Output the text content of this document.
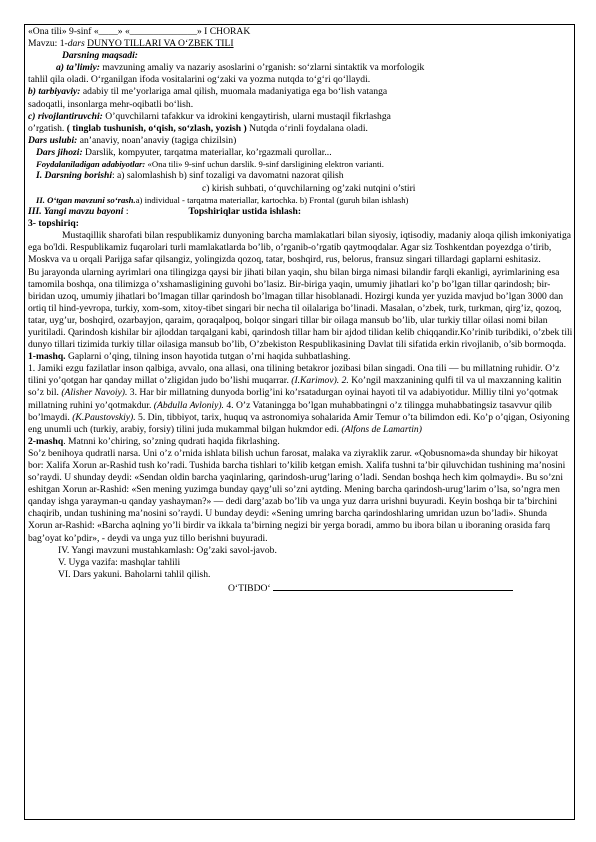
«Ona tili» 9-sinf «____» «______________» I CHORAK
Mavzu: 1-dars DUNYO TILLARI VA O‘ZBEK TILI
Darsning maqsadi:
a) ta’limiy: mavzuning amaliy va nazariy asoslarini o’rganish: so‘zlarni sintaktik va morfologik
tahlil qila oladi. O‘rganilgan ifoda vositalarini og‘zaki va yozma nutqda to‘g‘ri qo‘llaydi.
b) tarbiyaviy: adabiy til me’yorlariga amal qilish, muomala madaniyatiga ega bo‘lish vatanga
sadoqatli, insonlarga mehr-oqibatli bo‘lish.
c) rivojlantiruvchi: O’quvchilarni tafakkur va idrokini kengaytirish, ularni mustaqil fikrlashga
o’rgatish. ( tinglab tushunish, o‘qish, so‘zlash, yozish ) Nutqda o‘rinli foydalana oladi.
Dars uslubi: an’anaviy, noan’anaviy (tagiga chizilsin)
Dars jihozi: Darslik, kompyuter, tarqatma materiallar, ko’rgazmali qurollar...
Foydalaniladigan adabiyotlar: «Ona tili» 9-sinf uchun darslik. 9-sinf darsligining elektron varianti.
I. Darsning borishi: a) salomlashish b) sinf tozaligi va davomatni nazorat qilish
c) kirish suhbati, o‘quvchilarning og’zaki nutqini o’stiri
II. O‘tgan mavzuni so‘rash.a) individual - tarqatma materiallar, kartochka. b) Frontal (guruh bilan ishlash)
III. Yangi mavzu bayoni :	Topshiriqlar ustida ishlash:
3- topshiriq:
Mustaqillik sharofati bilan respublikamiz dunyoning barcha mamlakatlari bilan siyosiy, iqtisodiy, madaniy aloqa qilish imkoniyatiga ega bo'ldi. Respublikamiz fuqarolari turli mamlakatlarda bo’lib, o’rganib-o’rgatib qaytmoqdalar. Agar siz Toshkentdan poyezdga o’tirib, Moskva va u orqali Parijga safar qilsangiz, yolingizda qozoq, tatar, boshqird, rus, belorus, fransuz singari tillardagi gaplarni eshitasiz.
Bu jarayonda ularning ayrimlari ona tilingizga qaysi bir jihati bilan yaqin, shu bilan birga nimasi bilandir farqli ekanligi, ayrimlarining esa tamomila boshqa, ona tilimizga o’xshamasligining guvohi bo’lasiz. Bir-biriga yaqin, umumiy jihatlari ko’p bo’lgan tillar qarindosh; bir-biridan uzoq, umumiy jihatlari bo’lmagan tillar qarindosh bo’lmagan tillar hisoblanadi. Hozirgi kunda yer yuzida mavjud bo’lgan 3000 dan ortiq til hind-yevropa, turkiy, xom-som, xitoy-tibet singari bir necha til oilalariga bo’linadi. Masalan, o’zbek, turk, turkman, qirg’iz, qozoq, tatar, uyg’ur, boshqird, ozarbayjon, qaraim, qoraqalpoq, bolqor singari tillar bir oilaga mansub bo’lib, ular turkiy tillar oilasi nomi bilan yuritiladi. Qarindosh kishilar bir ajloddan tarqalgani kabi, qarindosh tillar ham bir ajdod tilidan kelib chiqqandir.Ko’rinib turibdiki, o’zbek tili dunyo tillari tizimida turkiy tillar oilasiga mansub bo’lib, O’zbekiston Respublikasining Davlat tili sifatida erkin rivojlanib, o’sib bormoqda.
1-mashq. Gaplarni o’qing, tilning inson hayotida tutgan o’rni haqida suhbatlashing.
1. Jamiki ezgu fazilatlar inson qalbiga, avvalo, ona allasi, ona tilining betakror jozibasi bilan singadi. Ona tili — bu millatning ruhidir. O’z tilini yo’qotgan har qanday millat o’zligidan judo bo’lishi muqarrar. (I.Karimov). 2. Ko’ngil maxzanining qulfi til va ul maxzanning kalitin so’z bil. (Alisher Navoiy). 3. Har bir millatning dunyoda borlig’ini ko’rsatadurgan oyinai hayoti til va adabiyotidur. Milliy tilni yo’qotmak millatning ruhini yo’qotmakdur. (Abdulla Avloniy). 4. O’z Vataningga bo’lgan muhabbatingni o’z tilingga muhabbatingsiz tasavvur qilib bo’lmaydi. (K.Paustovskiy). 5. Din, tibbiyot, tarix, huquq va astronomiya sohalarida Amir Temur o’ta bilimdon edi. Ko’p o’qigan, Osiyoning eng unumli uch (turkiy, arabiy, forsiy) tilini juda mukammal bilgan hukmdor edi. (Alfons de Lamartin)
2-mashq. Matnni ko’chiring, so’zning qudrati haqida fikrlashing.
So’z benihoya qudratli narsa. Uni o’z o’rnida ishlata bilish uchun farosat, malaka va ziyraklik zarur. «Qobusnoma»da shunday bir hikoyat bor: Xalifa Xorun ar-Rashid tush ko’radi. Tushida barcha tishlari to’kilib ketgan emish. Xalifa tushni ta’bir qiluvchidan tushining ma’nosini so’raydi. U shunday deydi: «Sendan oldin barcha yaqinlaring, qarindosh-urug’laring o’ladi. Sendan boshqa hech kim qolmaydi». Bu so’zni eshitgan Xorun ar-Rashid: «Sen mening yuzimga bunday qayg’uli so’zni aytding. Mening barcha qarindosh-urug’larim o’lsa, so’ngra men qanday ishga yarayman-u qanday yashayman?» — dedi darg’azab bo’lib va unga yuz darra urishni buyuradi. Keyin boshqa bir ta’birchini chaqirib, undan tushining ma’nosini so’raydi. U bunday deydi: «Sening umring barcha qarindoshlaring umridan uzun bo’ladi». Shunda Xorun ar-Rashid: «Barcha aqlning yo’li birdir va ikkala ta’birning negizi bir yerga boradi, ammo bu ibora bilan u iboraning orasida farq bag’oyat ko’pdir», - deydi va unga yuz tillo berishni buyuradi.
IV. Yangi mavzuni mustahkamlash: Og’zaki savol-javob.
V. Uyga vazifa: mashqlar tahlili
VI. Dars yakuni. Baholarni tahlil qilish.
O‘TIBDO‘
